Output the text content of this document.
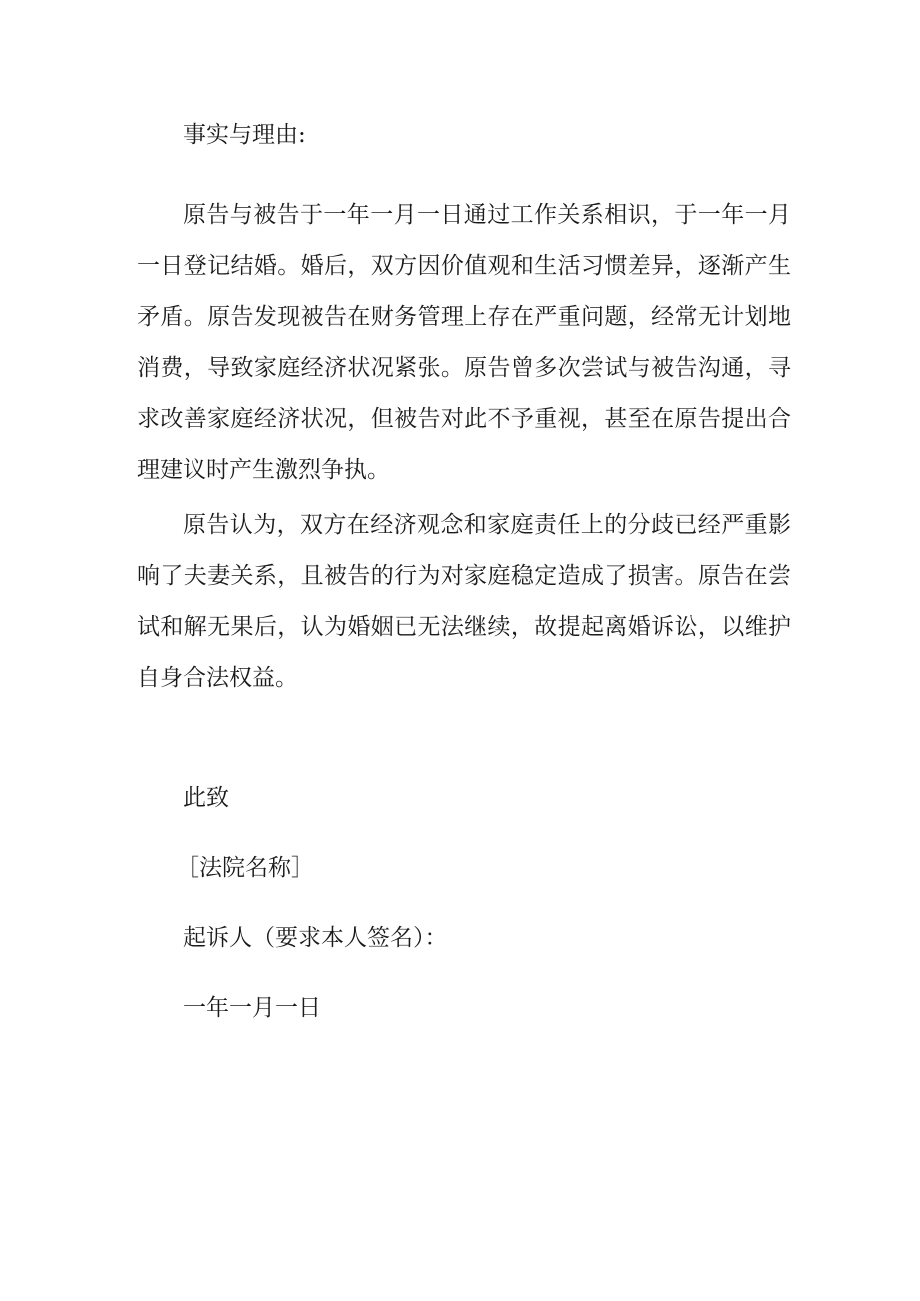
事实与理由:

原告与被告于一年一月一日通过工作关系相识，于一年一月一日登记结婚。婚后，双方因价值观和生活习惯差异，逐渐产生矛盾。原告发现被告在财务管理上存在严重问题，经常无计划地消费，导致家庭经济状况紧张。原告曾多次尝试与被告沟通，寻求改善家庭经济状况，但被告对此不予重视，甚至在原告提出合理建议时产生激烈争执。

原告认为，双方在经济观念和家庭责任上的分歧已经严重影响了夫妻关系，且被告的行为对家庭稳定造成了损害。原告在尝试和解无果后，认为婚姻已无法继续，故提起离婚诉讼，以维护自身合法权益。

此致

［法院名称］

起诉人（要求本人签名）：

一年一月一日
